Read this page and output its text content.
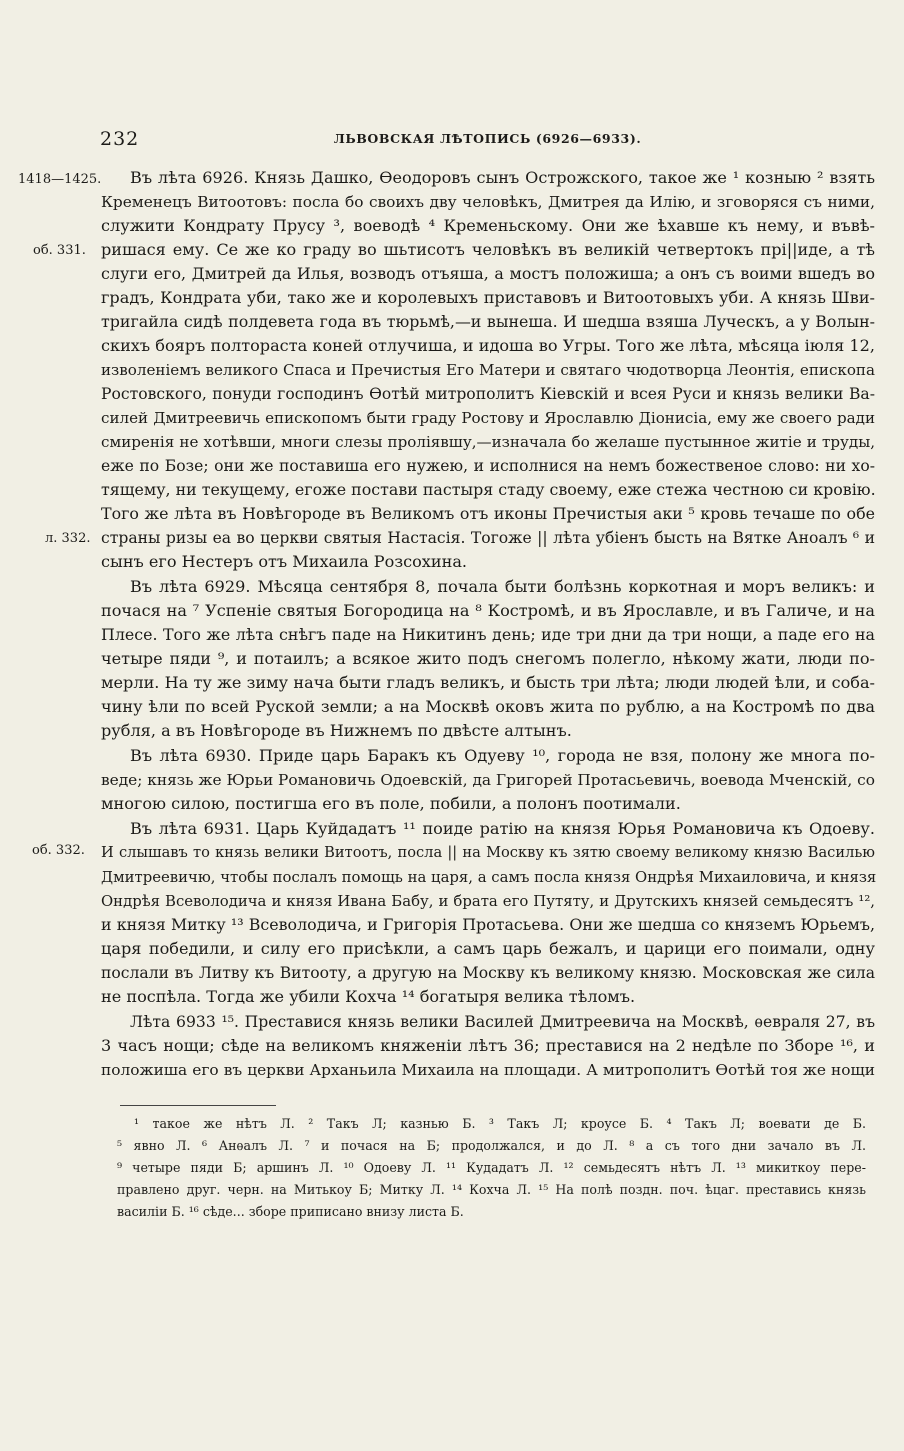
232	ЛЬВОВСКАЯ ЛѢТОПИСЬ (6926—6933).
1418—1425.
об. 331.
л. 332.
об. 332.
Въ лѣта 6926. Князь Дашко, Ѳеодоровъ сынъ Острожского, такое же ¹ козныю ² взять
Кременецъ Витоотовъ: посла бо своихъ дву человѣкъ, Дмитрея да Илію, и зговоряся съ ними,
служити Кондрату Прусу ³, воеводѣ ⁴ Кременьскому. Они же ѣхавше къ нему, и въвѣ-
ришася ему. Се же ко граду во шьтисотъ человѣкъ въ великій четвертокъ прі||иде, а тѣ
слуги его, Дмитрей да Илья, возводъ отъяша, а мостъ положиша; а онъ съ воими вшедъ во
градъ, Кондрата уби, тако же и королевыхъ приставовъ и Витоотовыхъ уби. А князь Шви-
тригайла сидѣ полдевета года въ тюрьмѣ,—и вынеша. И шедша взяша Луческъ, а у Волын-
скихъ бояръ полтораста коней отлучиша, и идоша во Угры. Того же лѣта, мѣсяца іюля 12,
изволеніемъ великого Спаса и Пречистыя Его Матери и святаго чюдотворца Леонтія, епископа
Ростовского, понуди господинъ Ѳотѣй митрополитъ Кіевскій и всея Руси и князь велики Ва-
силей Дмитреевичь епископомъ быти граду Ростову и Ярославлю Діонисіа, ему же своего ради
смиренія не хотѣвши, многи слезы проліявшу,—изначала бо желаше пустынное житіе и труды,
еже по Бозе; они же поставиша его нужею, и исполнися на немъ божественое слово: ни хо-
тящему, ни текущему, егоже постави пастыря стаду своему, еже стежа честною си кровію.
Того же лѣта въ Новѣгороде въ Великомъ отъ иконы Пречистыя аки ⁵ кровь течаше по обе
страны ризы еа во церкви святыя Настасія. Тогоже || лѣта убіенъ бысть на Вятке Аноалъ ⁶ и
сынъ его Нестеръ отъ Михаила Розсохина.
Въ лѣта 6929. Мѣсяца сентября 8, почала быти болѣзнь коркотная и моръ великъ: и
почася на ⁷ Успеніе святыя Богородица на ⁸ Костромѣ, и въ Ярославле, и въ Галиче, и на
Плесе. Того же лѣта снѣгъ паде на Никитинъ день; иде три дни да три нощи, а паде его на
четыре пяди ⁹, и потаилъ; а всякое жито подъ снегомъ полегло, нѣкому жати, люди по-
мерли. На ту же зиму нача быти гладъ великъ, и бысть три лѣта; люди людей ѣли, и соба-
чину ѣли по всей Руской земли; а на Москвѣ оковъ жита по рублю, а на Костромѣ по два
рубля, а въ Новѣгороде въ Нижнемъ по двѣсте алтынъ.
Въ лѣта 6930. Приде царь Баракъ къ Одуеву ¹⁰, города не взя, полону же многа по-
веде; князь же Юрьи Романовичь Одоевскій, да Григорей Протасьевичь, воевода Мченскій, со
многою силою, постигша его въ поле, побили, а полонъ поотимали.
Въ лѣта 6931. Царь Куйдадатъ ¹¹ поиде ратію на князя Юрья Романовича къ Одоеву.
И слышавъ то князь велики Витоотъ, посла || на Москву къ зятю своему великому князю Василью
Дмитреевичю, чтобы послалъ помощь на царя, а самъ посла князя Ондрѣя Михаиловича, и князя
Ондрѣя Всеволодича и князя Ивана Бабу, и брата его Путяту, и Друтскихъ князей семьдесятъ ¹²,
и князя Митку ¹³ Всеволодича, и Григорія Протасьева. Они же шедша со княземъ Юрьемъ,
царя победили, и силу его присѣкли, а самъ царь бежалъ, и царици его поимали, одну
послали въ Литву къ Витооту, а другую на Москву къ великому князю. Московская же сила
не поспѣла. Тогда же убили Кохча ¹⁴ богатыря велика тѣломъ.
Лѣта 6933 ¹⁵. Преставися князь велики Василей Дмитреевича на Москвѣ, ѳевраля 27, въ
3 часъ нощи; сѣде на великомъ княженіи лѣтъ 36; преставися на 2 недѣле по Зборе ¹⁶, и
положиша его въ церкви Арханьила Михаила на площади. А митрополитъ Ѳотѣй тоя же нощи
¹ такое же нѣтъ Л. ² Такъ Л; казнью Б. ³ Такъ Л; кроусе Б. ⁴ Такъ Л; воевати де Б.
⁵ явно Л. ⁶ Анѳалъ Л. ⁷ и почася на Б; продолжался, и до Л. ⁸ а съ того дни зачало въ Л.
⁹ четыре пяди Б; аршинъ Л. ¹⁰ Одоеву Л. ¹¹ Кудадатъ Л. ¹² семьдесятъ нѣтъ Л. ¹³ микиткоу пере-
правлено друг. черн. на Митькоу Б; Митку Л. ¹⁴ Кохча Л. ¹⁵ На полѣ поздн. поч. ѣцаг. преставись князь
василіи Б. ¹⁶ сѣде... зборе приписано внизу листа Б.
